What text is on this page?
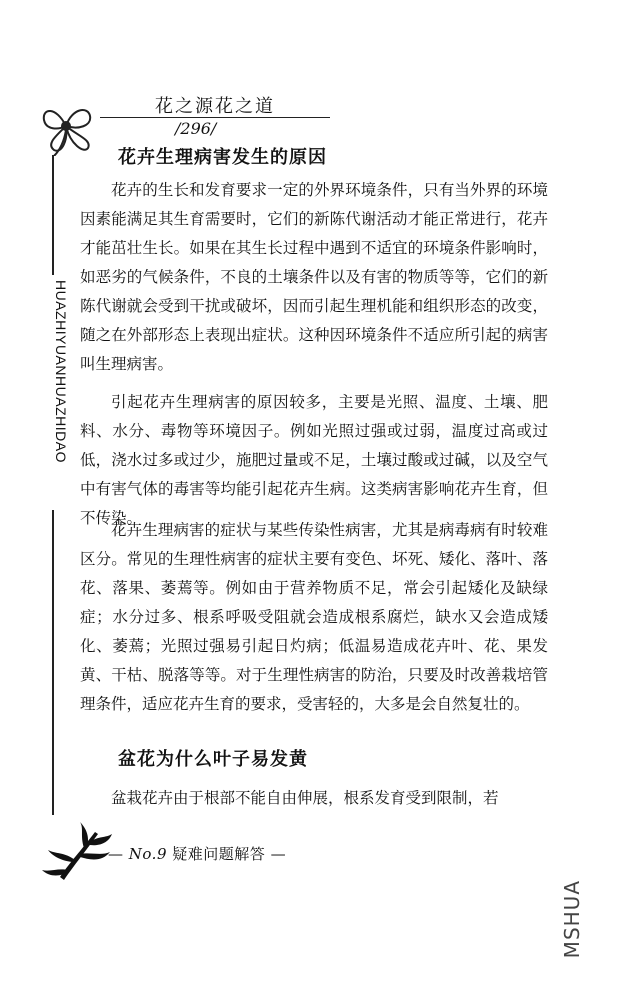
花之源花之道
/296/
HUAZHIYUANHUAZHIDAO
花卉生理病害发生的原因

花卉的生长和发育要求一定的外界环境条件，只有当外界的环境因素能满足其生育需要时，它们的新陈代谢活动才能正常进行，花卉才能茁壮生长。如果在其生长过程中遇到不适宜的环境条件影响时，如恶劣的气候条件，不良的土壤条件以及有害的物质等等，它们的新陈代谢就会受到干扰或破坏，因而引起生理机能和组织形态的改变，随之在外部形态上表现出症状。这种因环境条件不适应所引起的病害叫生理病害。

引起花卉生理病害的原因较多，主要是光照、温度、土壤、肥料、水分、毒物等环境因子。例如光照过强或过弱，温度过高或过低，浇水过多或过少，施肥过量或不足，土壤过酸或过碱，以及空气中有害气体的毒害等均能引起花卉生病。这类病害影响花卉生育，但不传染。

花卉生理病害的症状与某些传染性病害，尤其是病毒病有时较难区分。常见的生理性病害的症状主要有变色、坏死、矮化、落叶、落花、落果、萎蔫等。例如由于营养物质不足，常会引起矮化及缺绿症；水分过多、根系呼吸受阻就会造成根系腐烂，缺水又会造成矮化、萎蔫；光照过强易引起日灼病；低温易造成花卉叶、花、果发黄、干枯、脱落等等。对于生理性病害的防治，只要及时改善栽培管理条件，适应花卉生育的要求，受害轻的，大多是会自然复壮的。

盆花为什么叶子易发黄

盆栽花卉由于根部不能自由伸展，根系发育受到限制，若

— No.9 疑难问题解答 —
MSHUA
